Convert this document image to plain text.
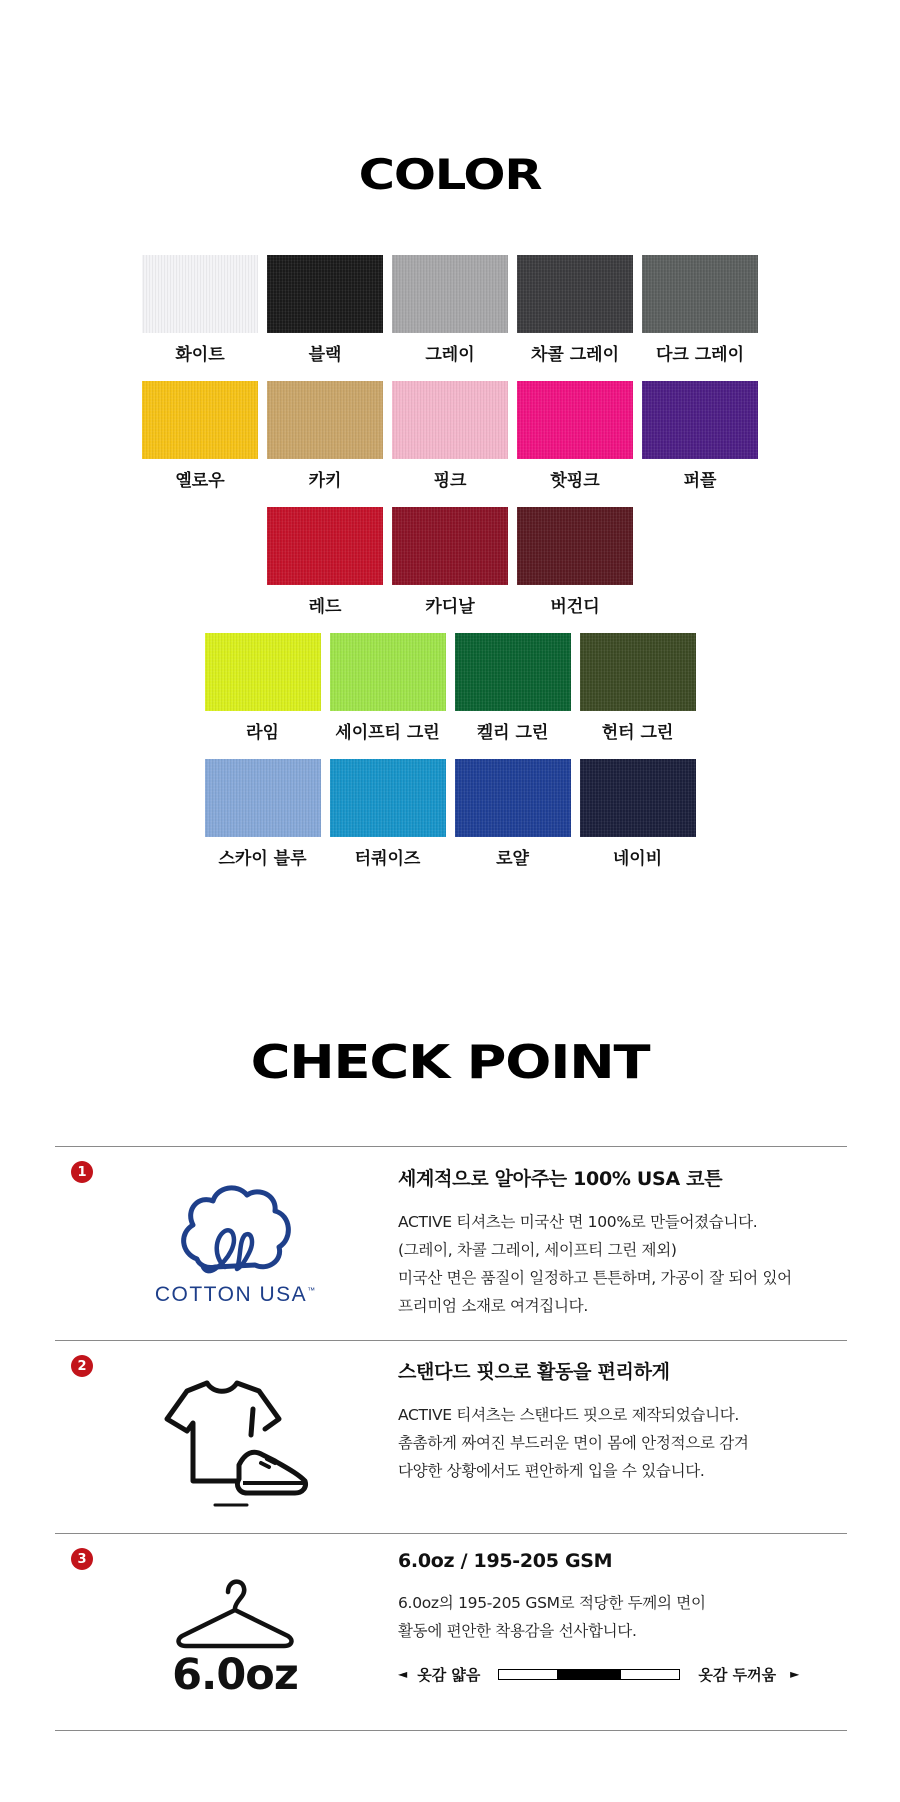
COLOR
화이트	블랙	그레이	차콜 그레이 다크 그레이
옐로우	카키	핑크	핫핑크	퍼플
레드	카디날	버건디
라임	세이프티 그린 켈리 그린	헌터 그린
스카이 블루	터쿼이즈	로얄	네이비
CHECK POINT
1
COTTON USA™
세계적으로 알아주는 100% USA 코튼
ACTIVE 티셔츠는 미국산 면 100%로 만들어졌습니다.
(그레이, 차콜 그레이, 세이프티 그린 제외)
미국산 면은 품질이 일정하고 튼튼하며, 가공이 잘 되어 있어
프리미엄 소재로 여겨집니다.
2	스탠다드 핏으로 활동을 편리하게
ACTIVE 티셔츠는 스탠다드 핏으로 제작되었습니다.
촘촘하게 짜여진 부드러운 면이 몸에 안정적으로 감겨
다양한 상황에서도 편안하게 입을 수 있습니다.
3
6.0oz
6.0oz / 195-205 GSM
6.0oz의 195-205 GSM로 적당한 두께의 면이
활동에 편안한 착용감을 선사합니다.
◄ 옷감 얇음	옷감 두꺼움 ►
